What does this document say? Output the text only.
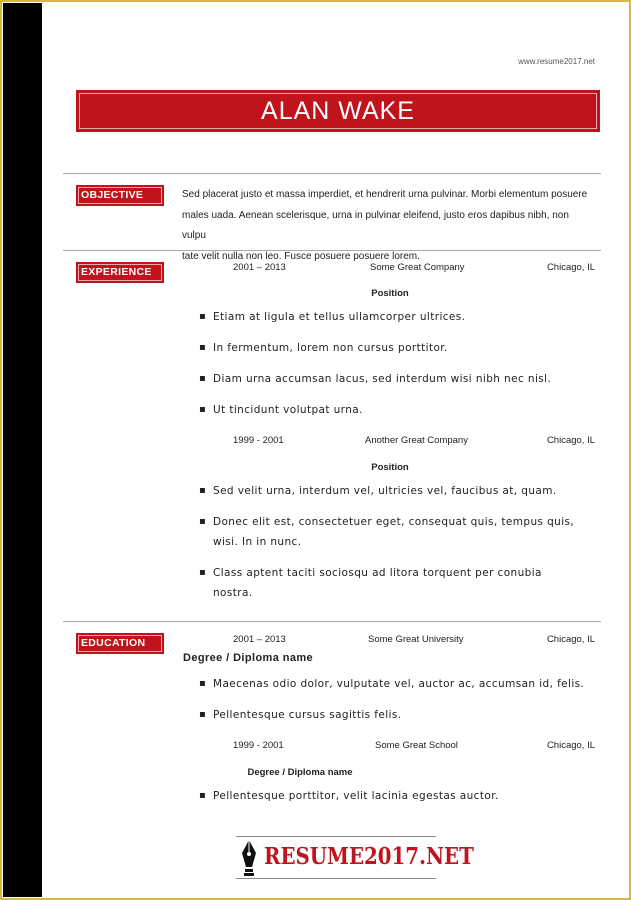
www.resume2017.net
ALAN WAKE
OBJECTIVE	Sed placerat justo et massa imperdiet, et hendrerit urna pulvinar. Morbi elementum posuere
males uada. Aenean scelerisque, urna in pulvinar eleifend, justo eros dapibus nibh, non vulpu
tate velit nulla non leo. Fusce posuere posuere lorem.
EXPERIENCE	2001 – 2013	Some Great Company	Chicago, IL
Position
▪ Etiam at ligula et tellus ullamcorper ultrices.
▪ In fermentum, lorem non cursus porttitor.
▪ Diam urna accumsan lacus, sed interdum wisi nibh nec nisl.
▪ Ut tincidunt volutpat urna.
1999 - 2001	Another Great Company	Chicago, IL
Position
▪ Sed velit urna, interdum vel, ultricies vel, faucibus at, quam.
▪ Donec elit est, consectetuer eget, consequat quis, tempus quis, wisi. In in nunc.
▪ Class aptent taciti sociosqu ad litora torquent per conubia nostra.
EDUCATION	2001 – 2013	Some Great University	Chicago, IL
Degree / Diploma name
▪ Maecenas odio dolor, vulputate vel, auctor ac, accumsan id, felis.
▪ Pellentesque cursus sagittis felis.
1999 - 2001	Some Great School	Chicago, IL
Degree / Diploma name
▪ Pellentesque porttitor, velit lacinia egestas auctor.
RESUME2017.NET
